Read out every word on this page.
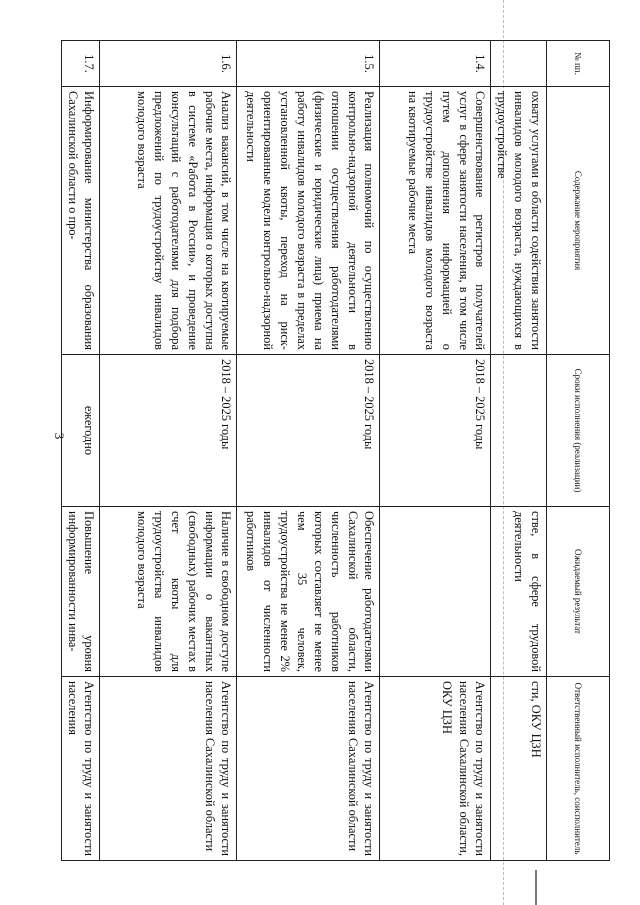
3
№ пп.	Содержание мероприятия	Сроки исполнения (реализации)	Ожидаемый результат	Ответственный исполнитель, соисполнитель
	охвату услугами в области содействия занятости инвалидов молодого возраста, нуждающихся в трудоустройстве		стве, в сфере трудовой деятельности	сти, ОКУ ЦЗН
1.4.	Совершенствование регистров получателей услуг в сфере занятости населения, в том числе путем дополнения информацией о трудоустройстве инвалидов молодого возраста на квотируемые рабочие места	2018 – 2025 годы		Агентство по труду и занятости населения Сахалинской области, ОКУ ЦЗН
1.5.	Реализация полномочий по осуществлению контрольно-надзорной деятельности в отношении осуществления работодателями (физические и юридические лица) приема на работу инвалидов молодого возраста в пределах установленной квоты, переход на риск-ориентированные модели контрольно-надзорной деятельности	2018 – 2025 годы	Обеспечение работодателями Сахалинской области, численность работников которых составляет не менее чем 35 человек, трудоустройства не менее 2% инвалидов от численности работников	Агентство по труду и занятости населения Сахалинской области
1.6.	Анализ вакансий, в том числе на квотируемые рабочие места, информация о которых доступна в системе «Работа в России», и проведение консультаций с работодателями для подбора предложений по трудоустройству инвалидов молодого возраста	2018 – 2025 годы	Наличие в свободном доступе информации о вакантных (свободных) рабочих местах в счет квоты для трудоустройства инвалидов молодого возраста	Агентство по труду и занятости населения Сахалинской области
1.7.	Информирование министерства образования Сахалинской области о про-	ежегодно	Повышение уровня информированности инва-	Агентство по труду и занятости населения
